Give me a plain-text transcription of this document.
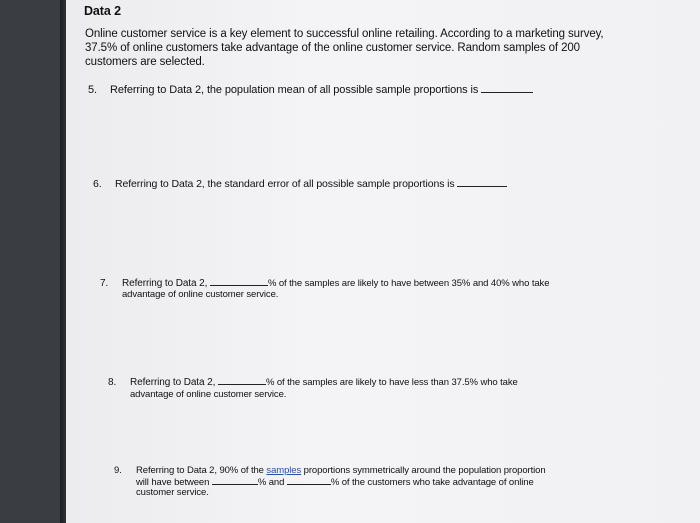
Data 2
Online customer service is a key element to successful online retailing. According to a marketing survey,
37.5% of online customers take advantage of the online customer service. Random samples of 200
customers are selected.
5. Referring to Data 2, the population mean of all possible sample proportions is
6. Referring to Data 2, the standard error of all possible sample proportions is
7. Referring to Data 2,	% of the samples are likely to have between 35% and 40% who take
advantage of online customer service.
8. Referring to Data 2,	% of the samples are likely to have less than 37.5% who take
advantage of online customer service.
9. Referring to Data 2, 90% of the samples proportions symmetrically around the population proportion
will have between	% and	% of the customers who take advantage of online
customer service.
